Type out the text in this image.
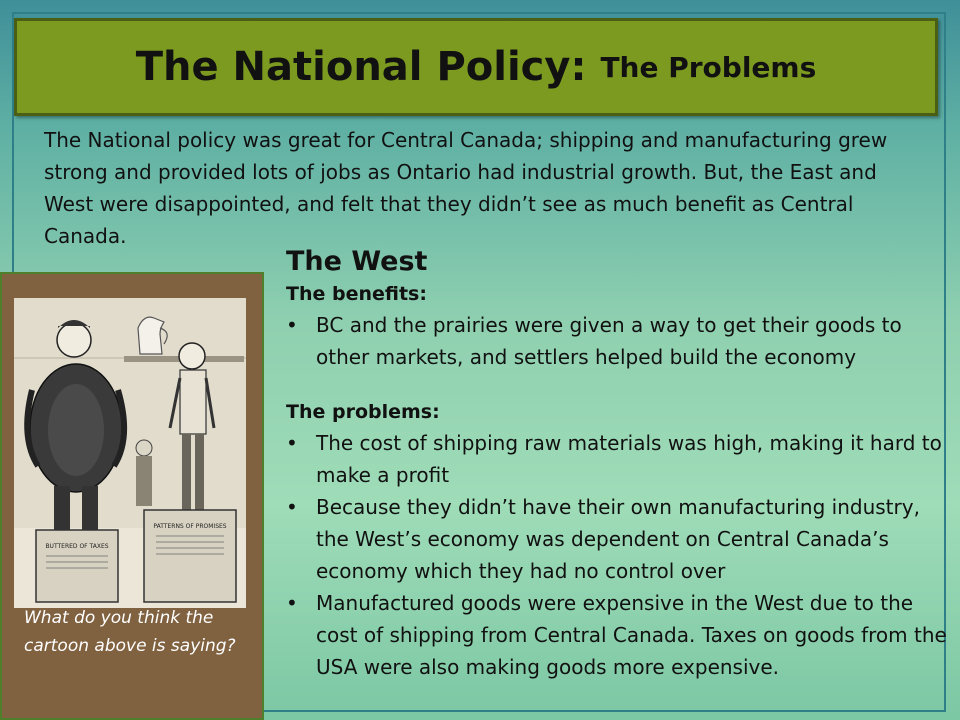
The National Policy: The Problems
The National policy was great for Central Canada; shipping and manufacturing grew strong and provided lots of jobs as Ontario had industrial growth. But, the East and West were disappointed, and felt that they didn’t see as much benefit as Central Canada.
The West
The benefits:
• BC and the prairies were given a way to get their goods to other markets, and settlers helped build the economy
The problems:
• The cost of shipping raw materials was high, making it hard to make a profit
• Because they didn’t have their own manufacturing industry, the West’s economy was dependent on Central Canada’s economy which they had no control over
• Manufactured goods were expensive in the West due to the cost of shipping from Central Canada. Taxes on goods from the USA were also making goods more expensive.
BUTTERED OF TAXES
PATTERNS OF PROMISES
What do you think the cartoon above is saying?
